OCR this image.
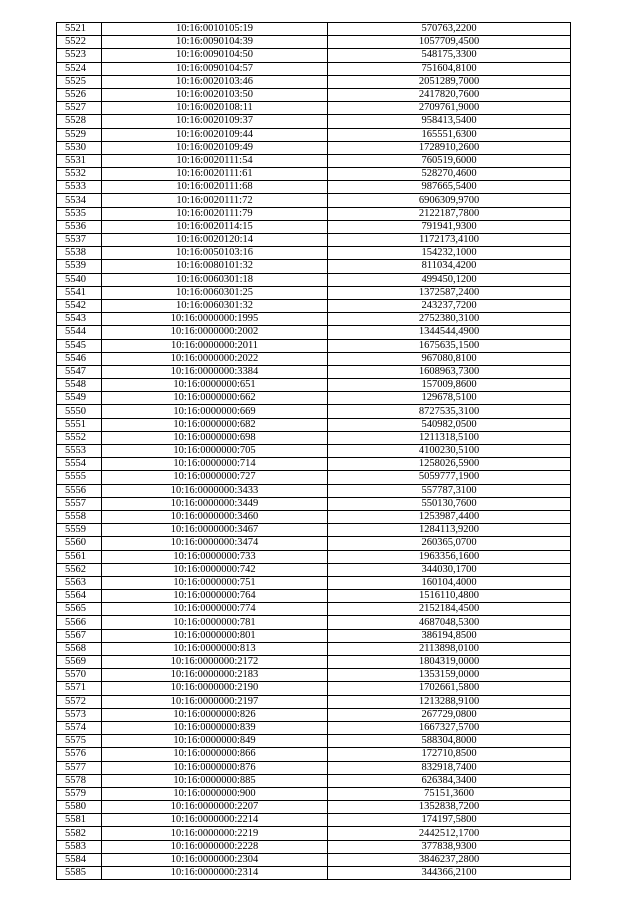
5521	10:16:0010105:19	570763,2200
5522	10:16:0090104:39	1057709,4500
5523	10:16:0090104:50	548175,3300
5524	10:16:0090104:57	751604,8100
5525	10:16:0020103:46	2051289,7000
5526	10:16:0020103:50	2417820,7600
5527	10:16:0020108:11	2709761,9000
5528	10:16:0020109:37	958413,5400
5529	10:16:0020109:44	165551,6300
5530	10:16:0020109:49	1728910,2600
5531	10:16:0020111:54	760519,6000
5532	10:16:0020111:61	528270,4600
5533	10:16:0020111:68	987665,5400
5534	10:16:0020111:72	6906309,9700
5535	10:16:0020111:79	2122187,7800
5536	10:16:0020114:15	791941,9300
5537	10:16:0020120:14	1172173,4100
5538	10:16:0050103:16	154232,1000
5539	10:16:0080101:32	811034,4200
5540	10:16:0060301:18	499450,1200
5541	10:16:0060301:25	1372587,2400
5542	10:16:0060301:32	243237,7200
5543	10:16:0000000:1995	2752380,3100
5544	10:16:0000000:2002	1344544,4900
5545	10:16:0000000:2011	1675635,1500
5546	10:16:0000000:2022	967080,8100
5547	10:16:0000000:3384	1608963,7300
5548	10:16:0000000:651	157009,8600
5549	10:16:0000000:662	129678,5100
5550	10:16:0000000:669	8727535,3100
5551	10:16:0000000:682	540982,0500
5552	10:16:0000000:698	1211318,5100
5553	10:16:0000000:705	4100230,5100
5554	10:16:0000000:714	1258026,5900
5555	10:16:0000000:727	5059777,1900
5556	10:16:0000000:3433	557787,3100
5557	10:16:0000000:3449	550130,7600
5558	10:16:0000000:3460	1253987,4400
5559	10:16:0000000:3467	1284113,9200
5560	10:16:0000000:3474	260365,0700
5561	10:16:0000000:733	1963356,1600
5562	10:16:0000000:742	344030,1700
5563	10:16:0000000:751	160104,4000
5564	10:16:0000000:764	1516110,4800
5565	10:16:0000000:774	2152184,4500
5566	10:16:0000000:781	4687048,5300
5567	10:16:0000000:801	386194,8500
5568	10:16:0000000:813	2113898,0100
5569	10:16:0000000:2172	1804319,0000
5570	10:16:0000000:2183	1353159,0000
5571	10:16:0000000:2190	1702661,5800
5572	10:16:0000000:2197	1213288,9100
5573	10:16:0000000:826	267729,0800
5574	10:16:0000000:839	1667327,5700
5575	10:16:0000000:849	588304,8000
5576	10:16:0000000:866	172710,8500
5577	10:16:0000000:876	832918,7400
5578	10:16:0000000:885	626384,3400
5579	10:16:0000000:900	75151,3600
5580	10:16:0000000:2207	1352838,7200
5581	10:16:0000000:2214	174197,5800
5582	10:16:0000000:2219	2442512,1700
5583	10:16:0000000:2228	377838,9300
5584	10:16:0000000:2304	3846237,2800
5585	10:16:0000000:2314	344366,2100
